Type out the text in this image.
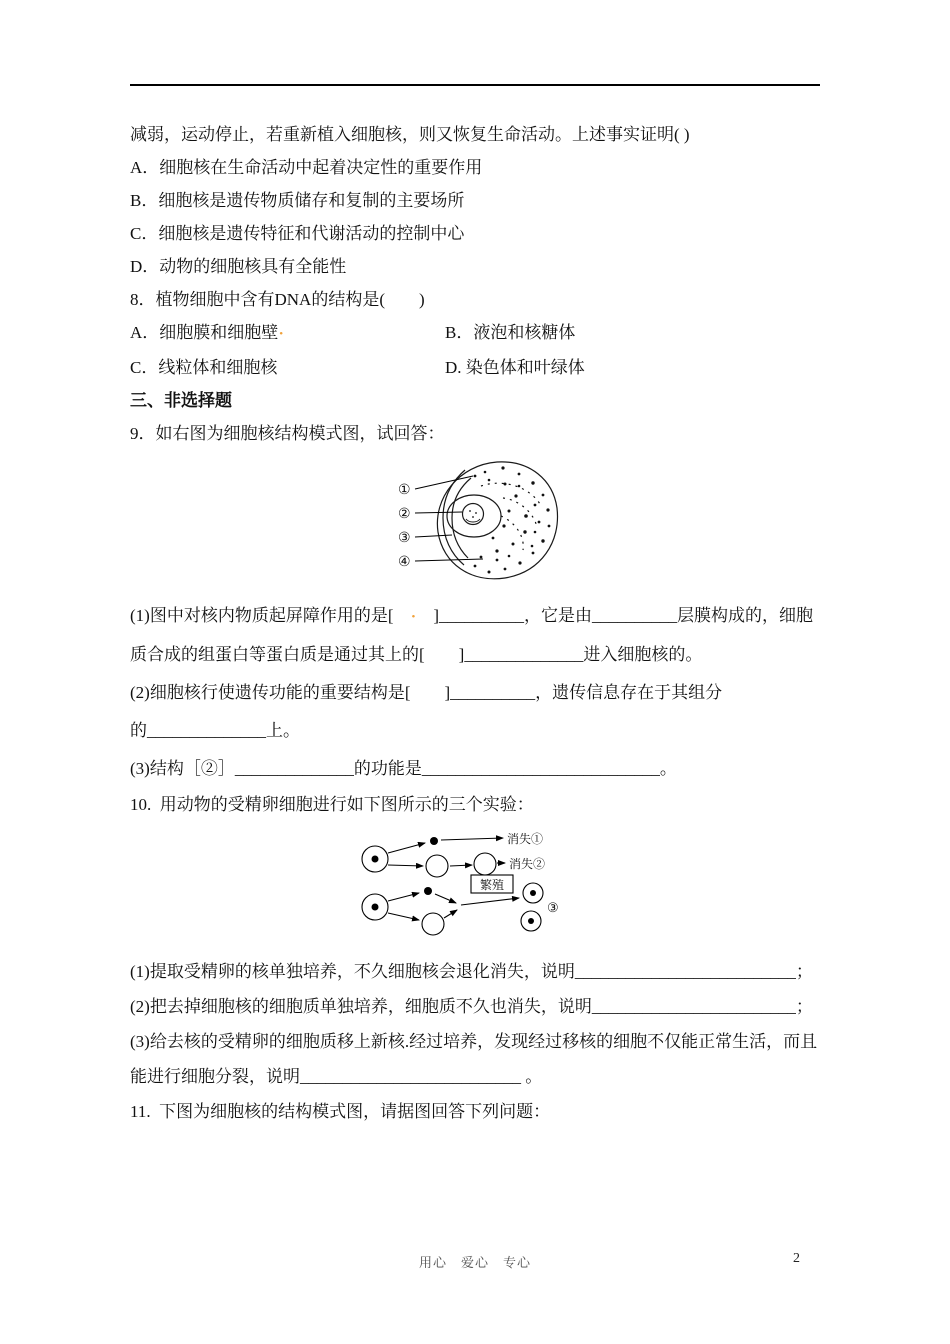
减弱，运动停止，若重新植入细胞核，则又恢复生命活动。上述事实证明( )

A．细胞核在生命活动中起着决定性的重要作用

B．细胞核是遗传物质储存和复制的主要场所

C．细胞核是遗传特征和代谢活动的控制中心

D．动物的细胞核具有全能性

8．植物细胞中含有DNA的结构是(　　)

A．细胞膜和细胞壁•	B．液泡和核糖体

C．线粒体和细胞核	D. 染色体和叶绿体

三、非选择题

9．如右图为细胞核结构模式图，试回答：

①
②
③
④

(1)图中对核内物质起屏障作用的是[　•　]__________，它是由__________层膜构成的，细胞

质合成的组蛋白等蛋白质是通过其上的[　　]______________进入细胞核的。

(2)细胞核行使遗传功能的重要结构是[　　]__________，遗传信息存在于其组分

的______________上。

(3)结构［②］______________的功能是____________________________。

10.  用动物的受精卵细胞进行如下图所示的三个实验：

消失①
消失②
繁殖
③

(1)提取受精卵的核单独培养，不久细胞核会退化消失，说明__________________________；

(2)把去掉细胞核的细胞质单独培养，细胞质不久也消失，说明________________________；

(3)给去核的受精卵的细胞质移上新核.经过培养，发现经过移核的细胞不仅能正常生活，而且

能进行细胞分裂，说明__________________________ 。

11.  下图为细胞核的结构模式图，请据图回答下列问题：

用心　爱心　专心	2
